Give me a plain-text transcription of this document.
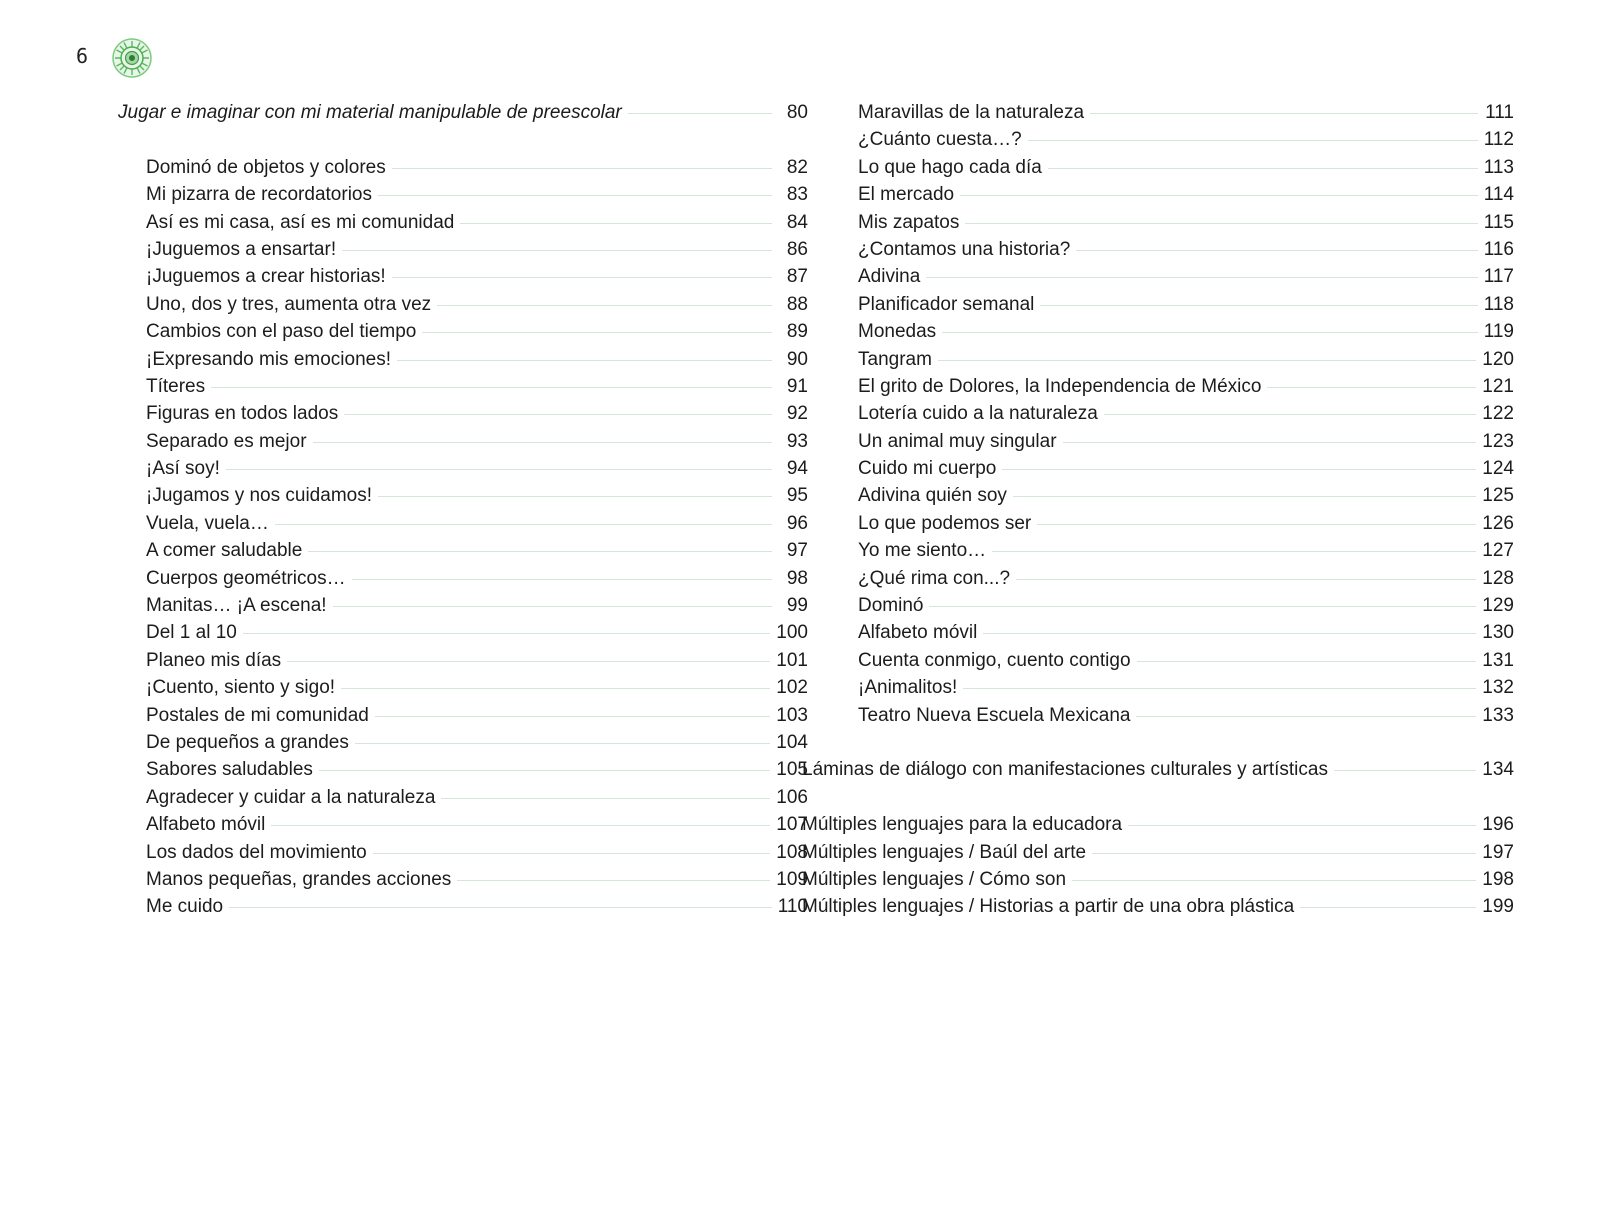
6
Jugar e imaginar con mi material manipulable de preescolar	80
Dominó de objetos y colores	82
Mi pizarra de recordatorios	83
Así es mi casa, así es mi comunidad	84
¡Juguemos a ensartar!	86
¡Juguemos a crear historias!	87
Uno, dos y tres, aumenta otra vez	88
Cambios con el paso del tiempo	89
¡Expresando mis emociones!	90
Títeres	91
Figuras en todos lados	92
Separado es mejor	93
¡Así soy!	94
¡Jugamos y nos cuidamos!	95
Vuela, vuela…	96
A comer saludable	97
Cuerpos geométricos…	98
Manitas… ¡A escena!	99
Del 1 al 10	100
Planeo mis días	101
¡Cuento, siento y sigo!	102
Postales de mi comunidad	103
De pequeños a grandes	104
Sabores saludables	105
Agradecer y cuidar a la naturaleza	106
Alfabeto móvil	107
Los dados del movimiento	108
Manos pequeñas, grandes acciones	109
Me cuido	110
Maravillas de la naturaleza	111
¿Cuánto cuesta…?	112
Lo que hago cada día	113
El mercado	114
Mis zapatos	115
¿Contamos una historia?	116
Adivina	117
Planificador semanal	118
Monedas	119
Tangram	120
El grito de Dolores, la Independencia de México	121
Lotería cuido a la naturaleza	122
Un animal muy singular	123
Cuido mi cuerpo	124
Adivina quién soy	125
Lo que podemos ser	126
Yo me siento…	127
¿Qué rima con...?	128
Dominó	129
Alfabeto móvil	130
Cuenta conmigo, cuento contigo	131
¡Animalitos!	132
Teatro Nueva Escuela Mexicana	133
Láminas de diálogo con manifestaciones culturales y artísticas	134
Múltiples lenguajes para la educadora	196
Múltiples lenguajes / Baúl del arte	197
Múltiples lenguajes / Cómo son	198
Múltiples lenguajes / Historias a partir de una obra plástica	199
